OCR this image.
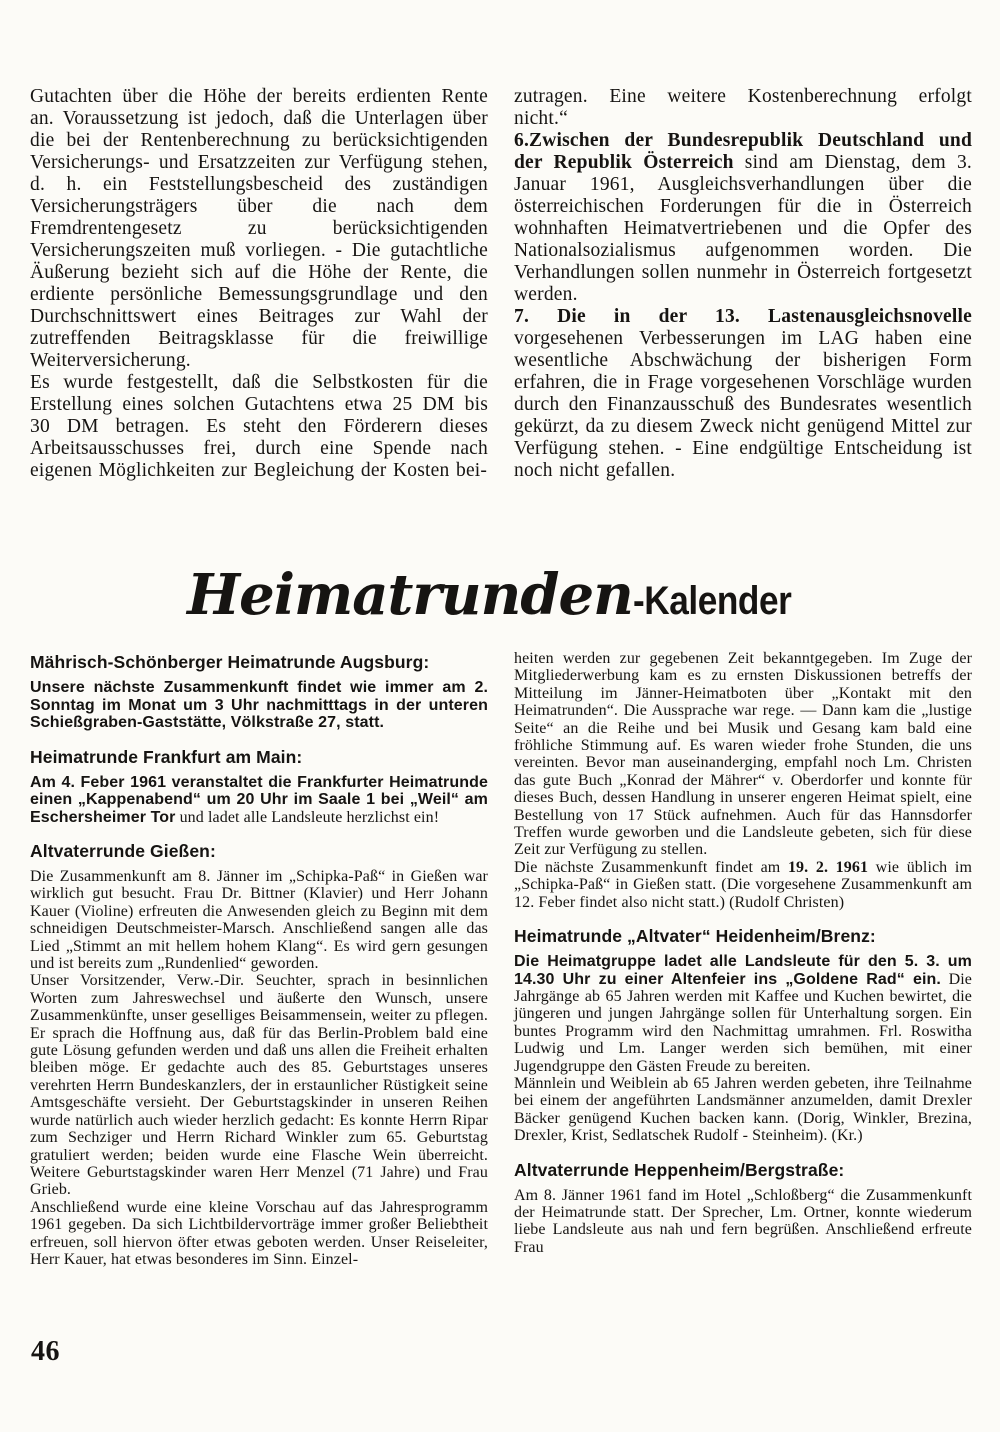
Gutachten über die Höhe der bereits erdienten Rente an. Voraussetzung ist jedoch, daß die Unterlagen über die bei der Rentenberechnung zu berücksichtigenden Versicherungs- und Ersatzzeiten zur Verfügung stehen, d. h. ein Feststellungsbescheid des zuständigen Versicherungsträgers über die nach dem Fremdrentengesetz zu berücksichtigenden Versicherungszeiten muß vorliegen. - Die gutachtliche Äußerung bezieht sich auf die Höhe der Rente, die erdiente persönliche Bemessungsgrundlage und den Durchschnittswert eines Beitrages zur Wahl der zutreffenden Beitragsklasse für die freiwillige Weiterversicherung.

Es wurde festgestellt, daß die Selbstkosten für die Erstellung eines solchen Gutachtens etwa 25 DM bis 30 DM betragen. Es steht den Förderern dieses Arbeitsausschusses frei, durch eine Spende nach eigenen Möglichkeiten zur Begleichung der Kosten bei-

zutragen. Eine weitere Kostenberechnung erfolgt nicht.“

6.Zwischen der Bundesrepublik Deutschland und der Republik Österreich sind am Dienstag, dem 3. Januar 1961, Ausgleichsverhandlungen über die österreichischen Forderungen für die in Österreich wohnhaften Heimatvertriebenen und die Opfer des Nationalsozialismus aufgenommen worden. Die Verhandlungen sollen nunmehr in Österreich fortgesetzt werden.

7. Die in der 13. Lastenausgleichsnovelle vorgesehenen Verbesserungen im LAG haben eine wesentliche Abschwächung der bisherigen Form erfahren, die in Frage vorgesehenen Vorschläge wurden durch den Finanzausschuß des Bundesrates wesentlich gekürzt, da zu diesem Zweck nicht genügend Mittel zur Verfügung stehen. - Eine endgültige Entscheidung ist noch nicht gefallen.

Heimatrunden-Kalender
Mährisch-Schönberger Heimatrunde Augsburg:

Unsere nächste Zusammenkunft findet wie immer am 2. Sonntag im Monat um 3 Uhr nachmitttags in der unteren Schießgraben-Gaststätte, Völkstraße 27, statt.

Heimatrunde Frankfurt am Main:

Am 4. Feber 1961 veranstaltet die Frankfurter Heimatrunde einen „Kappenabend“ um 20 Uhr im Saale 1 bei „Weil“ am Eschersheimer Tor und ladet alle Landsleute herzlichst ein!

Altvaterrunde Gießen:

Die Zusammenkunft am 8. Jänner im „Schipka-Paß“ in Gießen war wirklich gut besucht. Frau Dr. Bittner (Klavier) und Herr Johann Kauer (Violine) erfreuten die Anwesenden gleich zu Beginn mit dem schneidigen Deutschmeister-Marsch. Anschließend sangen alle das Lied „Stimmt an mit hellem hohem Klang“. Es wird gern gesungen und ist bereits zum „Rundenlied“ geworden.

Unser Vorsitzender, Verw.-Dir. Seuchter, sprach in besinnlichen Worten zum Jahreswechsel und äußerte den Wunsch, unsere Zusammenkünfte, unser geselliges Beisammensein, weiter zu pflegen. Er sprach die Hoffnung aus, daß für das Berlin-Problem bald eine gute Lösung gefunden werden und daß uns allen die Freiheit erhalten bleiben möge. Er gedachte auch des 85. Geburtstages unseres verehrten Herrn Bundeskanzlers, der in erstaunlicher Rüstigkeit seine Amtsgeschäfte versieht. Der Geburtstagskinder in unseren Reihen wurde natürlich auch wieder herzlich gedacht: Es konnte Herrn Ripar zum Sechziger und Herrn Richard Winkler zum 65. Geburtstag gratuliert werden; beiden wurde eine Flasche Wein überreicht. Weitere Geburtstagskinder waren Herr Menzel (71 Jahre) und Frau Grieb.

Anschließend wurde eine kleine Vorschau auf das Jahresprogramm 1961 gegeben. Da sich Lichtbildervorträge immer großer Beliebtheit erfreuen, soll hiervon öfter etwas geboten werden. Unser Reiseleiter, Herr Kauer, hat etwas besonderes im Sinn. Einzel-

heiten werden zur gegebenen Zeit bekanntgegeben. Im Zuge der Mitgliederwerbung kam es zu ernsten Diskussionen betreffs der Mitteilung im Jänner-Heimatboten über „Kontakt mit den Heimatrunden“. Die Aussprache war rege. — Dann kam die „lustige Seite“ an die Reihe und bei Musik und Gesang kam bald eine fröhliche Stimmung auf. Es waren wieder frohe Stunden, die uns vereinten. Bevor man auseinanderging, empfahl noch Lm. Christen das gute Buch „Konrad der Mährer“ v. Oberdorfer und konnte für dieses Buch, dessen Handlung in unserer engeren Heimat spielt, eine Bestellung von 17 Stück aufnehmen. Auch für das Hannsdorfer Treffen wurde geworben und die Landsleute gebeten, sich für diese Zeit zur Verfügung zu stellen.

Die nächste Zusammenkunft findet am 19. 2. 1961 wie üblich im „Schipka-Paß“ in Gießen statt. (Die vorgesehene Zusammenkunft am 12. Feber findet also nicht statt.) (Rudolf Christen)

Heimatrunde „Altvater“ Heidenheim/Brenz:

Die Heimatgruppe ladet alle Landsleute für den 5. 3. um 14.30 Uhr zu einer Altenfeier ins „Goldene Rad“ ein. Die Jahrgänge ab 65 Jahren werden mit Kaffee und Kuchen bewirtet, die jüngeren und jungen Jahrgänge sollen für Unterhaltung sorgen. Ein buntes Programm wird den Nachmittag umrahmen. Frl. Roswitha Ludwig und Lm. Langer werden sich bemühen, mit einer Jugendgruppe den Gästen Freude zu bereiten.

Männlein und Weiblein ab 65 Jahren werden gebeten, ihre Teilnahme bei einem der angeführten Landsmänner anzumelden, damit Drexler Bäcker genügend Kuchen backen kann. (Dorig, Winkler, Brezina, Drexler, Krist, Sedlatschek Rudolf - Steinheim). (Kr.)

Altvaterrunde Heppenheim/Bergstraße:

Am 8. Jänner 1961 fand im Hotel „Schloßberg“ die Zusammenkunft der Heimatrunde statt. Der Sprecher, Lm. Ortner, konnte wiederum liebe Landsleute aus nah und fern begrüßen. Anschließend erfreute Frau

46
